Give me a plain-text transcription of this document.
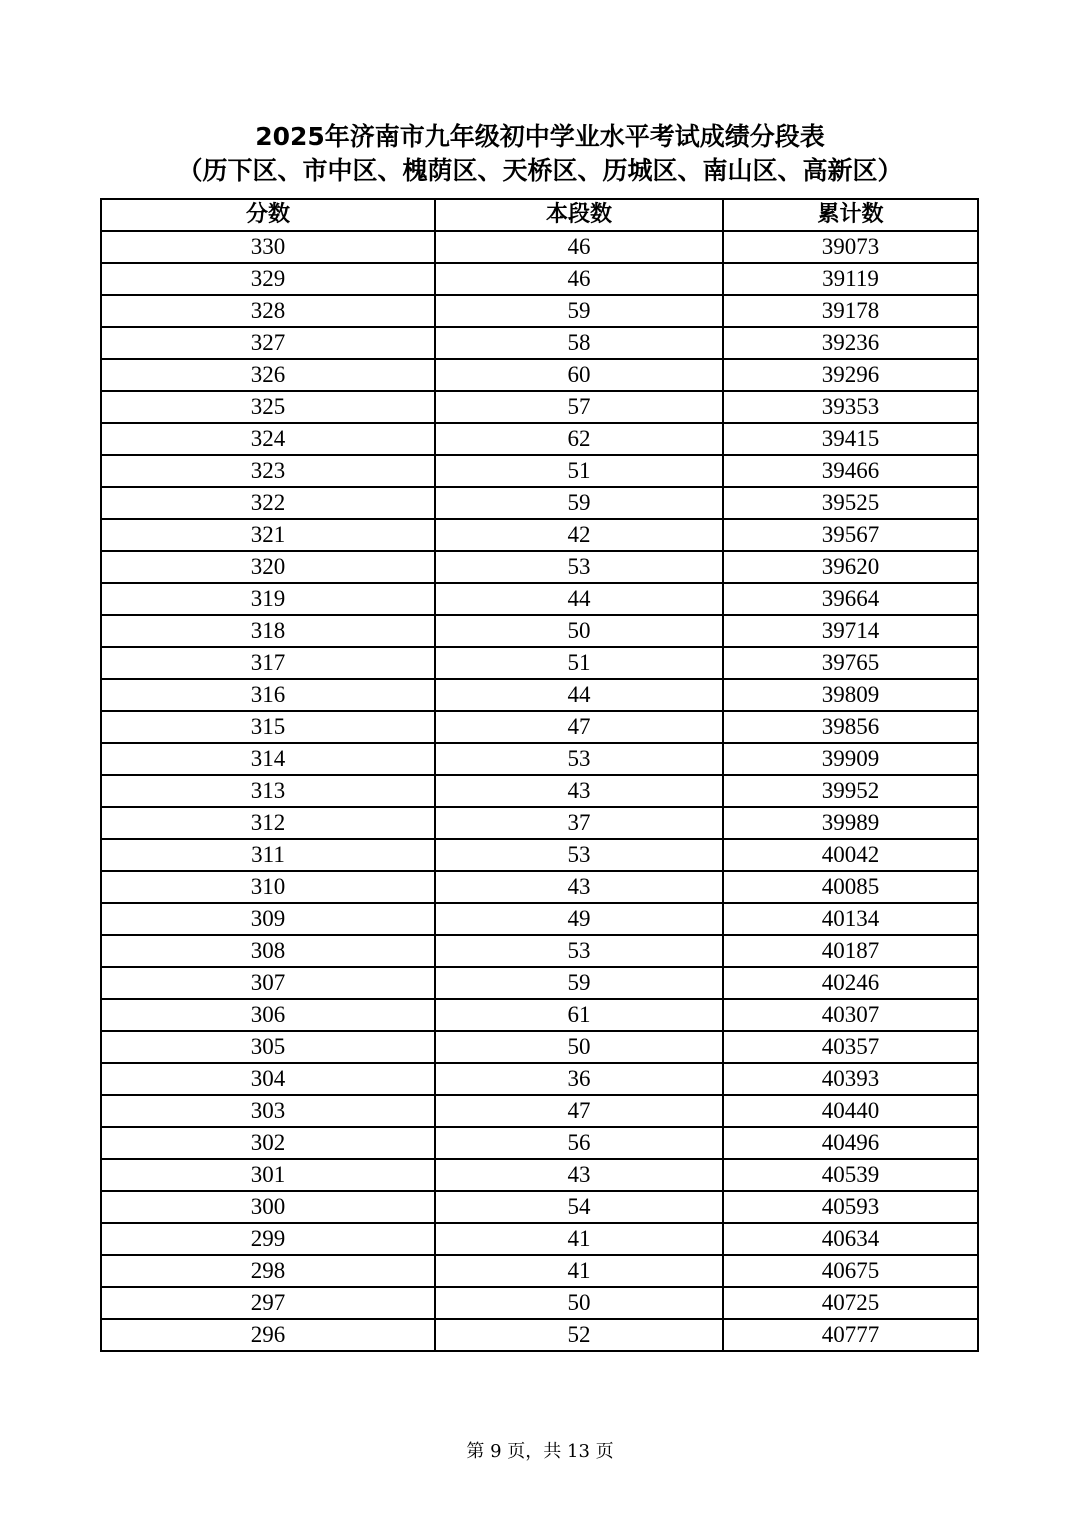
2025年济南市九年级初中学业水平考试成绩分段表
（历下区、市中区、槐荫区、天桥区、历城区、南山区、高新区）
分数	本段数	累计数
330	46	39073
329	46	39119
328	59	39178
327	58	39236
326	60	39296
325	57	39353
324	62	39415
323	51	39466
322	59	39525
321	42	39567
320	53	39620
319	44	39664
318	50	39714
317	51	39765
316	44	39809
315	47	39856
314	53	39909
313	43	39952
312	37	39989
311	53	40042
310	43	40085
309	49	40134
308	53	40187
307	59	40246
306	61	40307
305	50	40357
304	36	40393
303	47	40440
302	56	40496
301	43	40539
300	54	40593
299	41	40634
298	41	40675
297	50	40725
296	52	40777
第 9 页，共 13 页
